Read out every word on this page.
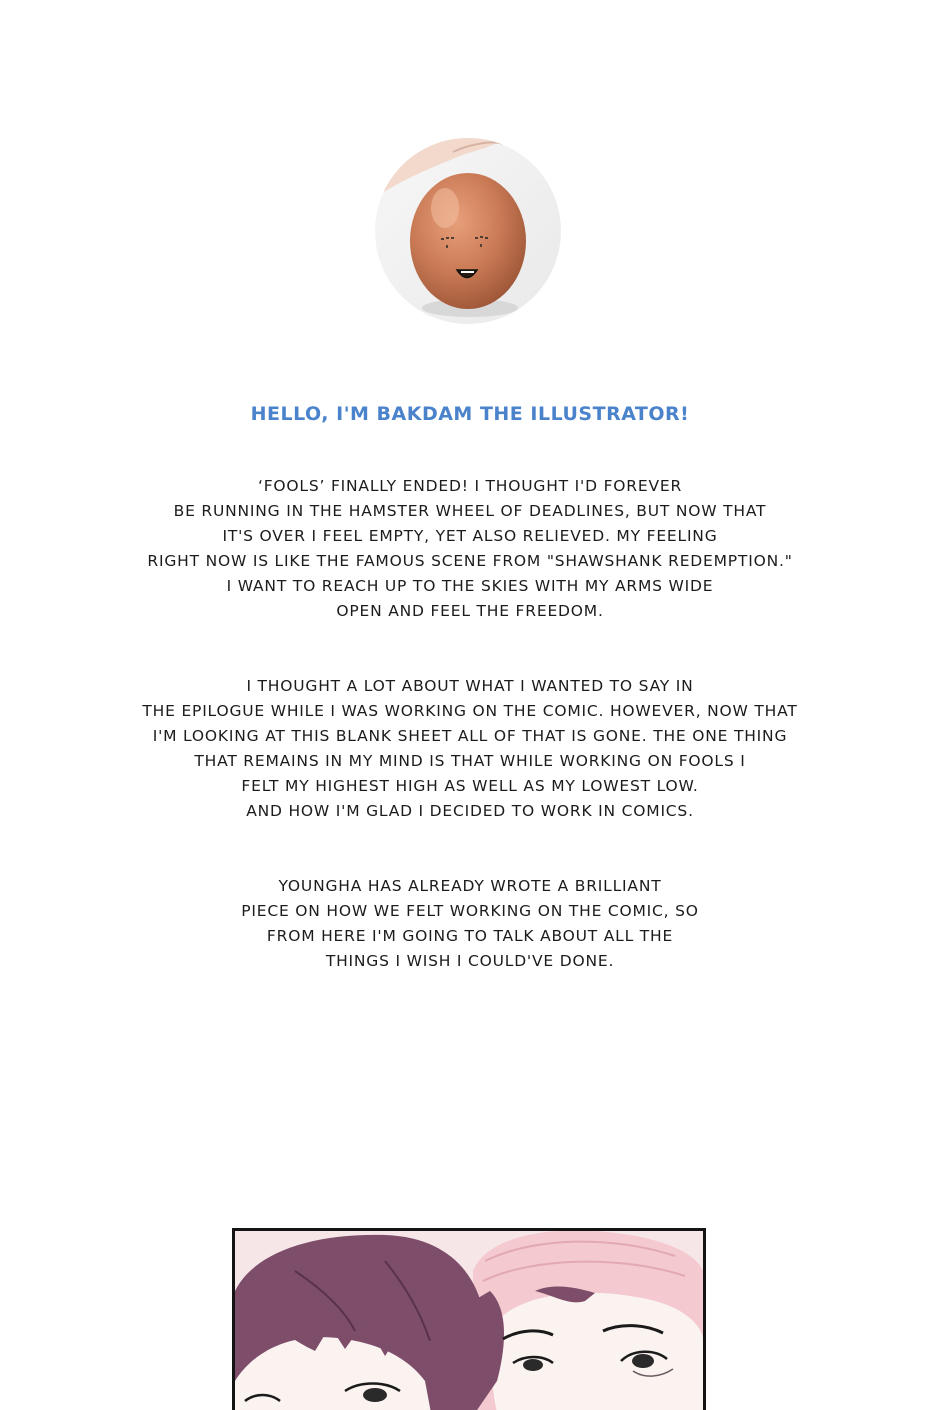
HELLO, I'M BAKDAM THE ILLUSTRATOR!
‘FOOLS’ FINALLY ENDED! I THOUGHT I'D FOREVER
BE RUNNING IN THE HAMSTER WHEEL OF DEADLINES, BUT NOW THAT
IT'S OVER I FEEL EMPTY, YET ALSO RELIEVED. MY FEELING
RIGHT NOW IS LIKE THE FAMOUS SCENE FROM "SHAWSHANK REDEMPTION."
I WANT TO REACH UP TO THE SKIES WITH MY ARMS WIDE
OPEN AND FEEL THE FREEDOM.
I THOUGHT A LOT ABOUT WHAT I WANTED TO SAY IN
THE EPILOGUE WHILE I WAS WORKING ON THE COMIC. HOWEVER, NOW THAT
I'M LOOKING AT THIS BLANK SHEET ALL OF THAT IS GONE. THE ONE THING
THAT REMAINS IN MY MIND IS THAT WHILE WORKING ON FOOLS I
FELT MY HIGHEST HIGH AS WELL AS MY LOWEST LOW.
AND HOW I'M GLAD I DECIDED TO WORK IN COMICS.
YOUNGHA HAS ALREADY WROTE A BRILLIANT
PIECE ON HOW WE FELT WORKING ON THE COMIC, SO
FROM HERE I'M GOING TO TALK ABOUT ALL THE
THINGS I WISH I COULD'VE DONE.
